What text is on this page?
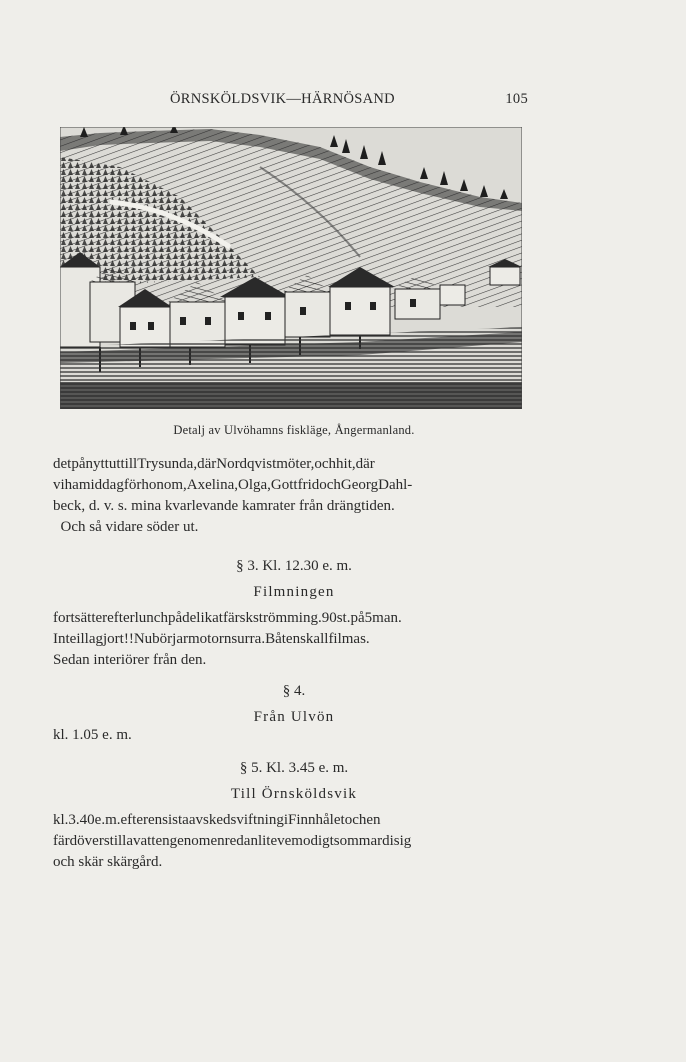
ÖRNSKÖLDSVIK—HÄRNÖSAND	105
Detalj av Ulvöhamns fiskläge, Ångermanland.
detpånyttuttillTrysunda,därNordqvistmöter,ochhit,där
vihamiddagförhonom,Axelina,Olga,GottfridochGeorgDahl-
beck, d. v. s. mina kvarlevande kamrater från drängtiden.
Och så vidare söder ut.
§ 3. Kl. 12.30 e. m.
Filmningen
fortsätterefterlunchpådelikatfärskströmming.90st.på5man.
Inteillagjort!!Nubörjarmotornsurra.Båtenskallfilmas.
Sedan interiörer från den.
§ 4.
Från Ulvön
kl. 1.05 e. m.
§ 5. Kl. 3.45 e. m.
Till Örnsköldsvik
kl.3.40e.m.efterensistaavskedsviftningiFinnhåletochen
färdöverstillavattengenomenredanlitevemodigtsommardisig
och skär skärgård.
